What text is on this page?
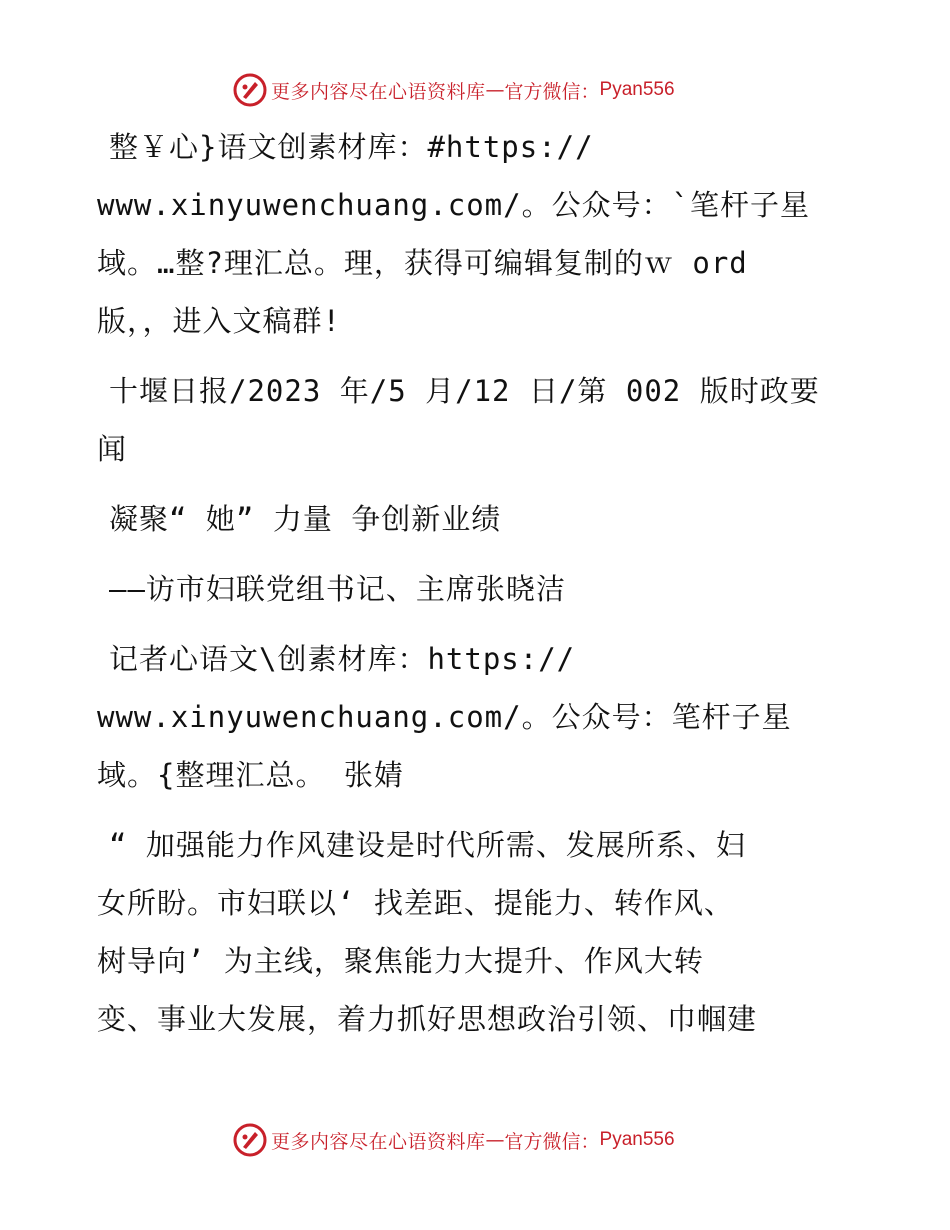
更多内容尽在心语资料库 — 官方微信： Pyan556
整￥心}语文创素材库：#https://
www.xinyuwenchuang.com/。公众号：`笔杆子星
域。…整?理汇总。理，获得可编辑复制的ｗ ord
版，，进入文稿群!
十堰日报/2023 年/5 月/12 日/第 002 版时政要
闻
凝聚“ 她” 力量 争创新业绩
——访市妇联党组书记、主席张晓洁
记者心语文\创素材库：https://
www.xinyuwenchuang.com/。公众号：笔杆子星
域。{整理汇总。 张婧
“ 加强能力作风建设是时代所需、发展所系、妇
女所盼。市妇联以‘ 找差距、提能力、转作风、
树导向’ 为主线，聚焦能力大提升、作风大转
变、事业大发展，着力抓好思想政治引领、巾帼建
更多内容尽在心语资料库 — 官方微信： Pyan556
